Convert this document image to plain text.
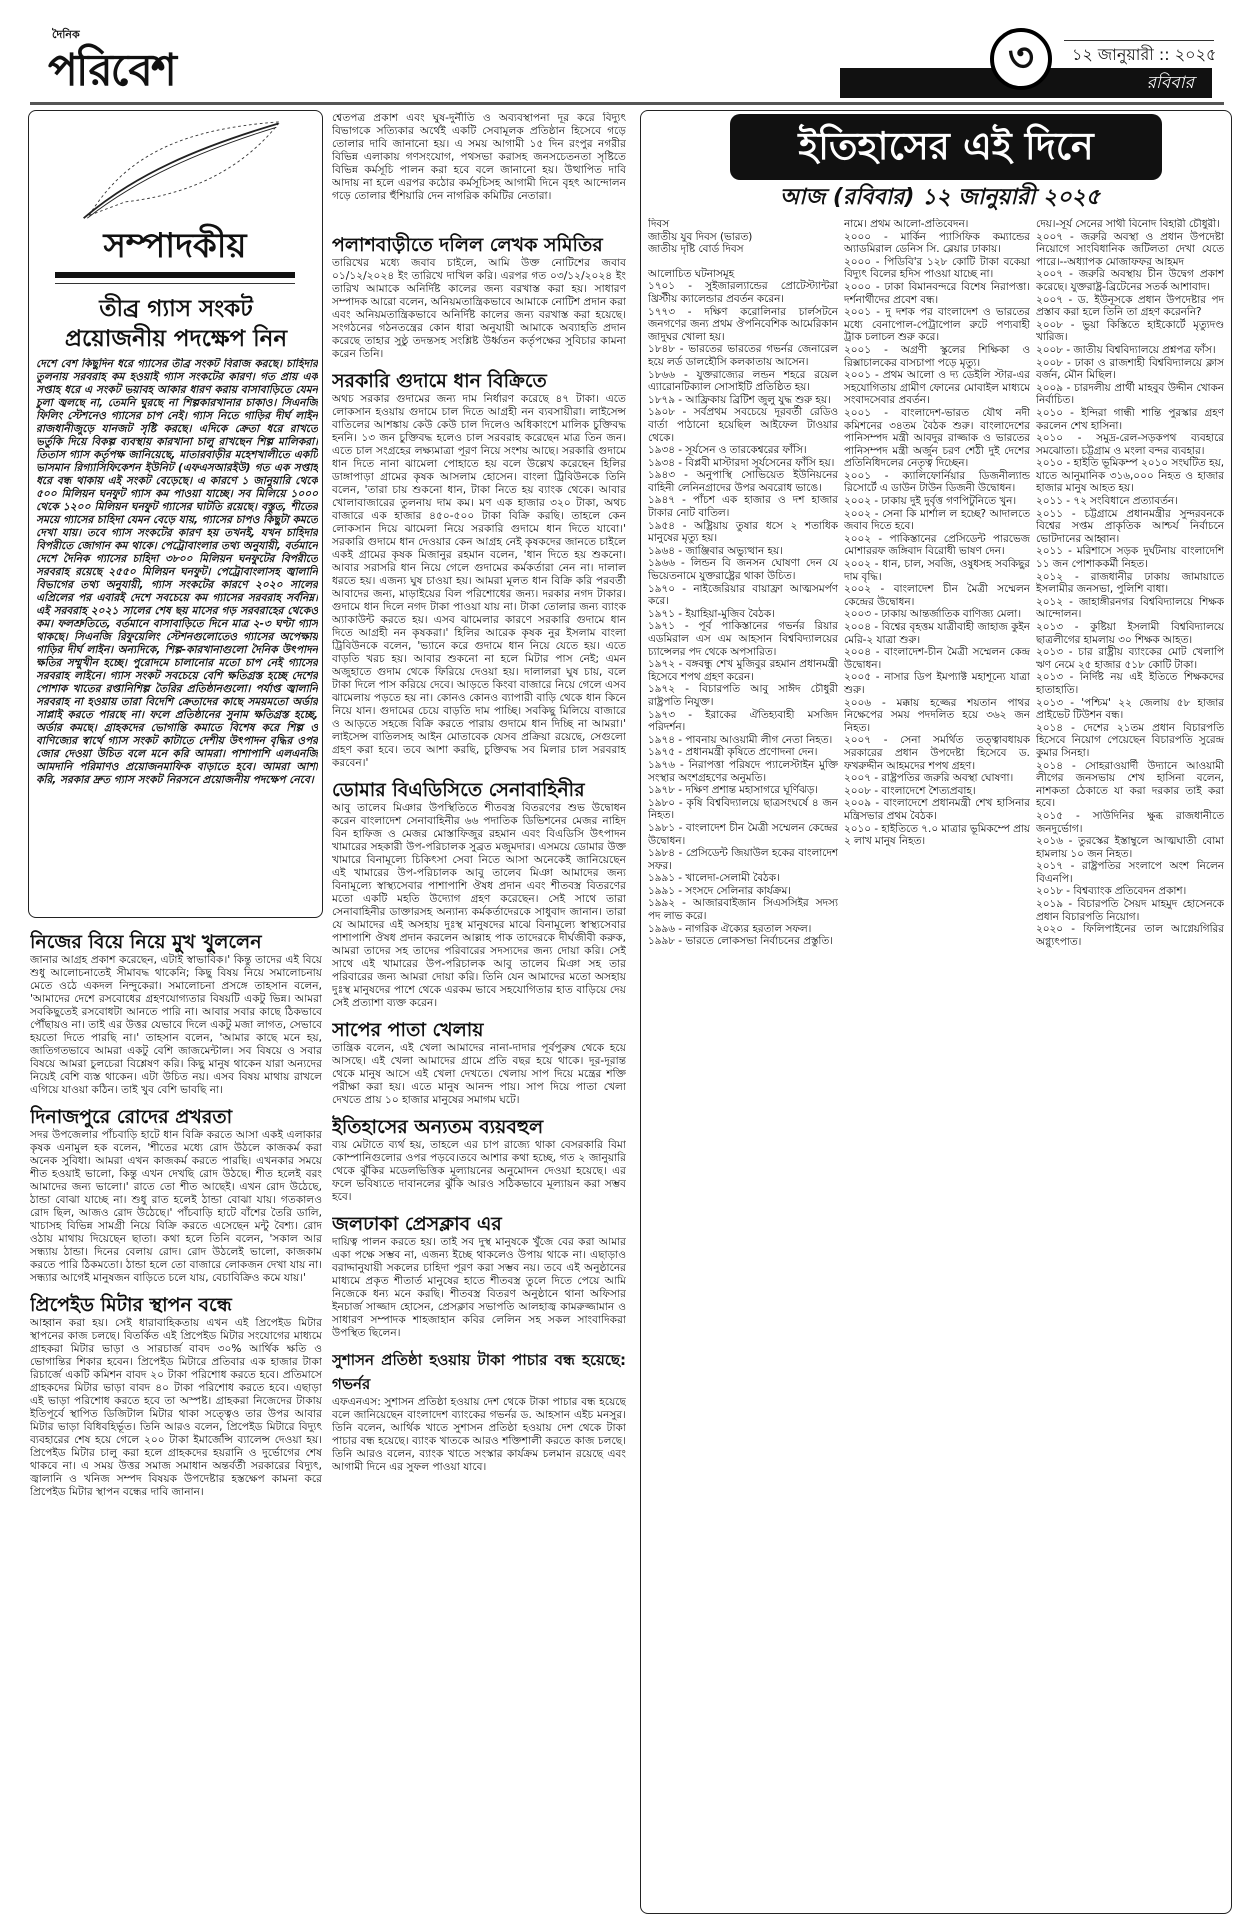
দৈনিক
পরিবেশ	রবিবার
৩	১২ জানুয়ারী :: ২০২৫
সম্পাদকীয়
তীব্র গ্যাস সংকট
প্রয়োজনীয় পদক্ষেপ নিন
দেশে বেশ কিছুদিন ধরে গ্যাসের তীব্র সংকট বিরাজ করছে। চাহিদার তুলনায় সরবরাহ কম হওয়াই গ্যাস সংকটের কারণ। গত প্রায় এক সপ্তাহ ধরে এ সংকট ভয়াবহ আকার ধারণ করায় বাসাবাড়িতে যেমন চুলা জ্বলছে না, তেমনি ঘুরছে না শিল্পকারখানার চাকাও। সিএনজি ফিলিং স্টেশনেও গ্যাসের চাপ নেই। গ্যাস নিতে গাড়ির দীর্ঘ লাইন রাজধানীজুড়ে যানজট সৃষ্টি করছে। এদিকে ক্রেতা ধরে রাখতে ভর্তুকি দিয়ে বিকল্প ব্যবস্থায় কারখানা চালু রাখছেন শিল্প মালিকরা। তিতাস গ্যাস কর্তৃপক্ষ জানিয়েছে, মাতারবাড়ীর মহেশখালীতে একটি ভাসমান রিগ্যাসিফিকেশন ইউনিট (এফএসআরইউ) গত এক সপ্তাহ ধরে বন্ধ থাকায় এই সংকট বেড়েছে। এ কারণে ১ জানুয়ারি থেকে ৫০০ মিলিয়ন ঘনফুট গ্যাস কম পাওয়া যাচ্ছে। সব মিলিয়ে ১০০০ থেকে ১২০০ মিলিয়ন ঘনফুট গ্যাসের ঘাটতি রয়েছে। বস্তুত, শীতের সময়ে গ্যাসের চাহিদা যেমন বেড়ে যায়, গ্যাসের চাপও কিছুটা কমতে দেখা যায়। তবে গ্যাস সংকটের কারণ হয় তখনই, যখন চাহিদার বিপরীতে জোগান কম থাকে। পেট্রোবাংলার তথ্য অনুযায়ী, বর্তমানে দেশে দৈনিক গ্যাসের চাহিদা ৩৮০০ মিলিয়ন ঘনফুটের বিপরীতে সরবরাহ রয়েছে ২৫৫০ মিলিয়ন ঘনফুট। পেট্রোবাংলাসহ জ্বালানি বিভাগের তথ্য অনুযায়ী, গ্যাস সংকটের কারণে ২০২০ সালের এপ্রিলের পর এবারই দেশে সবচেয়ে কম গ্যাসের সরবরাহ সর্বনিম্ন। এই সরবরাহ ২০২১ সালের শেষ ছয় মাসের গড় সরবরাহের থেকেও কম। ফলশ্রুতিতে, বর্তমানে বাসাবাড়িতে দিনে মাত্র ২-৩ ঘণ্টা গ্যাস থাকছে। সিএনজি রিফুয়েলিং স্টেশনগুলোতেও গ্যাসের অপেক্ষায় গাড়ির দীর্ঘ লাইন। অন্যদিকে, শিল্প-কারখানাগুলো দৈনিক উৎপাদন ক্ষতির সম্মুখীন হচ্ছে। পুরোদমে চালানোর মতো চাপ নেই গ্যাসের সরবরাহ লাইনে। গ্যাস সংকট সবচেয়ে বেশি ক্ষতিগ্রস্ত হচ্ছে দেশের পোশাক খাতের রপ্তানিশিল্প তৈরির প্রতিষ্ঠানগুলো। পর্যাপ্ত জ্বালানি সরবরাহ না হওয়ায় তারা বিদেশি ক্রেতাদের কাছে সময়মতো অর্ডার সাপ্লাই করতে পারছে না। ফলে প্রতিষ্ঠানের সুনাম ক্ষতিগ্রস্ত হচ্ছে, অর্ডার কমছে। গ্রাহকদের ভোগান্তি কমাতে বিশেষ করে শিল্প ও বাণিজ্যের স্বার্থে গ্যাস সংকট কাটাতে দেশীয় উৎপাদন বৃদ্ধির ওপর জোর দেওয়া উচিত বলে মনে করি আমরা। পাশাপাশি এলএনজি আমদানি পরিমাণও প্রয়োজনমাফিক বাড়াতে হবে। আমরা আশা করি, সরকার দ্রুত গ্যাস সংকট নিরসনে প্রয়োজনীয় পদক্ষেপ নেবে।
নিজের বিয়ে নিয়ে মুখ খুললেন

জানার আগ্রহ প্রকাশ করেছেন, এটাই স্বাভাবিক।' কিন্তু তাদের এই বিয়ে শুধু আলোচনাতেই সীমাবদ্ধ থাকেনি; কিছু বিষয় নিয়ে সমালোচনায় মেতে ওঠে একদল নিন্দুকেরা। সমালোচনা প্রসঙ্গে তাহসান বলেন, 'আমাদের দেশে রসবোধের গ্রহণযোগ্যতার বিষয়টি একটু ভিন্ন। আমরা সবকিছুতেই রসবোধটা আনতে পারি না। আবার সবার কাছে ঠিকভাবে পৌঁছায়ও না। তাই এর উত্তর যেভাবে দিলে একটু মজা লাগত, সেভাবে হয়তো দিতে পারছি না।' তাহসান বলেন, 'আমার কাছে মনে হয়, জাতিগতভাবে আমরা একটু বেশি জাজমেন্টাল। সব বিষয়ে ও সবার বিষয়ে আমরা চুলচেরা বিশ্লেষণ করি। কিছু মানুষ থাকেন যারা অন্যদের নিয়েই বেশি ব্যস্ত থাকেন। এটা উচিত নয়। এসব বিষয় মাথায় রাখলে এগিয়ে যাওয়া কঠিন। তাই খুব বেশি ভাবছি না।

দিনাজপুরে রোদের প্রখরতা

সদর উপজেলার পাঁচবাড়ি হাটে ধান বিক্রি করতে আসা একই এলাকার কৃষক এনামুল হক বলেন, 'শীতের মধ্যে রোদ উঠলে কাজকর্ম করা অনেক সুবিধা। আমরা এখন কাজকর্ম করতে পারছি। এখনকার সময়ে শীত হওয়াই ভালো, কিন্তু এখন দেখছি রোদ উঠছে। শীত হলেই বরং আমাদের জন্য ভালো।' রাতে তো শীত আছেই। এখন রোদ উঠেছে, ঠান্ডা বোঝা যাচ্ছে না। শুধু রাত হলেই ঠান্ডা বোঝা যায়। গতকালও রোদ ছিল, আজও রোদ উঠেছে।' পাঁচবাড়ি হাটে বাঁশের তৈরি ডালি, খাচাসহ বিভিন্ন সামগ্রী নিয়ে বিক্রি করতে এসেছেন মন্টু বৈশ্য। রোদ ওঠায় মাথায় দিয়েছেন ছাতা। কথা হলে তিনি বলেন, 'সকাল আর সন্ধ্যায় ঠান্ডা। দিনের বেলায় রোদ। রোদ উঠলেই ভালো, কাজকাম করতে পারি ঠিকমতো। ঠান্ডা হলে তো বাজারে লোকজন দেখা যায় না। সন্ধ্যার আগেই মানুষজন বাড়িতে চলে যায়, বেচাবিক্রিও কমে যায়।'

প্রিপেইড মিটার স্থাপন বন্ধে

আহ্বান করা হয়। সেই ধারাবাহিকতায় এখন এই প্রিপেইড মিটার স্থাপনের কাজ চলছে। বিতর্কিত এই প্রিপেইড মিটার সংযোগের মাধ্যমে গ্রাহকরা মিটার ভাড়া ও সারচার্জ বাবদ ৩০% আর্থিক ক্ষতি ও ভোগান্তির শিকার হবেন। প্রিপেইড মিটারে প্রতিবার এক হাজার টাকা রিচার্জে একটি কমিশন বাবদ ২০ টাকা পরিশোধ করতে হবে। প্রতিমাসে গ্রাহকদের মিটার ভাড়া বাবদ ৪০ টাকা পরিশোধ করতে হবে। এছাড়া এই ভাড়া পরিশোধ করতে হবে তা অস্পষ্ট। গ্রাহকরা নিজেদের টাকায় ইতিপূর্বে স্থাপিত ডিজিটাল মিটার থাকা সত্ত্বেও তার উপর আবার মিটার ভাড়া বিধিবহির্ভূত। তিনি আরও বলেন, প্রিপেইড মিটারে বিদ্যুৎ ব্যবহারের শেষ হয়ে গেলে ২০০ টাকা ইমার্জেন্সি ব্যালেন্স দেওয়া হয়। প্রিপেইড মিটার চালু করা হলে গ্রাহকদের হয়রানি ও দুর্ভোগের শেষ থাকবে না। এ সময় উত্তর সমাজ সমাধান অন্তর্বর্তী সরকারের বিদ্যুৎ, জ্বালানি ও খনিজ সম্পদ বিষয়ক উপদেষ্টার হস্তক্ষেপ কামনা করে প্রিপেইড মিটার স্থাপন বন্ধের দাবি জানান।

শ্বেতপত্র প্রকাশ এবং ঘুষ-দুর্নীতি ও অব্যবস্থাপনা দূর করে বিদ্যুৎ বিভাগকে সত্যিকার অর্থেই একটি সেবামূলক প্রতিষ্ঠান হিসেবে গড়ে তোলার দাবি জানানো হয়। এ সময় আগামী ১৫ দিন রংপুর নগরীর বিভিন্ন এলাকায় গণসংযোগ, পথসভা করাসহ জনসচেতনতা সৃষ্টিতে বিভিন্ন কর্মসূচি পালন করা হবে বলে জানানো হয়। উত্থাপিত দাবি আদায় না হলে এরপর কঠোর কর্মসূচিসহ আগামী দিনে বৃহৎ আন্দোলন গড়ে তোলার হুঁশিয়ারি দেন নাগরিক কমিটির নেতারা।

পলাশবাড়ীতে দলিল লেখক সমিতির

তারিখের মধ্যে জবাব চাইলে, আমি উক্ত নোটিশের জবাব ০১/১২/২০২৪ ইং তারিখে দাখিল করি। এরপর গত ০৩/১২/২০২৪ ইং তারিখ আমাকে অনির্দিষ্ট কালের জন্য বরখাস্ত করা হয়। সাধারণ সম্পাদক আরো বলেন, অনিয়মতান্ত্রিকভাবে আমাকে নোটিশ প্রদান করা এবং অনিয়মতান্ত্রিকভাবে অনির্দিষ্ট কালের জন্য বরখাস্ত করা হয়েছে। সংগঠনের গঠনতন্ত্রের কোন ধারা অনুযায়ী আমাকে অব্যাহতি প্রদান করেছে তাহার সুষ্ঠু তদন্তসহ সংশ্লিষ্ট উর্ধ্বতন কর্তৃপক্ষের সুবিচার কামনা করেন তিনি।

সরকারি গুদামে ধান বিক্রিতে

অথচ সরকার গুদামের জন্য দাম নির্ধারণ করেছে ৪৭ টাকা। এতে লোকসান হওয়ায় গুদামে চাল দিতে আগ্রহী নন ব্যবসায়ীরা। লাইসেন্স বাতিলের আশঙ্কায় কেউ কেউ চাল দিলেও অধিকাংশে মালিক চুক্তিবদ্ধ হননি। ১৩ জন চুক্তিবদ্ধ হলেও চাল সরবরাহ করেছেন মাত্র তিন জন। এতে চাল সংগ্রহের লক্ষ্যমাত্রা পূরণ নিয়ে সংশয় আছে। সরকারি গুদামে ধান দিতে নানা ঝামেলা পোহাতে হয় বলে উল্লেখ করেছেন হিলির ডাঙ্গাপাড়া গ্রামের কৃষক আসলাম হোসেন। বাংলা ট্রিবিউনকে তিনি বলেন, 'তারা চায় শুকনো ধান, টাকা নিতে হয় ব্যাংক থেকে। আবার খোলাবাজারের তুলনায় দাম কম। মণ এক হাজার ৩২০ টাকা, অথচ বাজারে এক হাজার ৪৫০-৫০০ টাকা বিক্রি করছি। তাহলে কেন লোকসান দিয়ে ঝামেলা নিয়ে সরকারি গুদামে ধান দিতে যাবো।' সরকারি গুদামে ধান দেওয়ার কেন আগ্রহ নেই কৃষকদের জানতে চাইলে একই গ্রামের কৃষক মিজানুর রহমান বলেন, 'ধান দিতে হয় শুকনো। আবার সরাসরি ধান নিয়ে গেলে গুদামের কর্মকর্তারা নেন না। দালাল ধরতে হয়। এজন্য ঘুষ চাওয়া হয়। আমরা মূলত ধান বিক্রি করি পরবর্তী আবাদের জন্য, মাড়াইয়ের বিল পরিশোধের জন্য। দরকার নগদ টাকার। গুদামে ধান দিলে নগদ টাকা পাওয়া যায় না। টাকা তোলার জন্য ব্যাংক অ্যাকাউন্ট করতে হয়। এসব ঝামেলার কারণে সরকারি গুদামে ধান দিতে আগ্রহী নন কৃষকরা।' হিলির আরেক কৃষক নুর ইসলাম বাংলা ট্রিবিউনকে বলেন, 'ভ্যানে করে গুদামে ধান নিয়ে যেতে হয়। এতে বাড়তি খরচ হয়। আবার শুকনো না হলে মিটার পাস নেই; এমন অজুহাতে গুদাম থেকে ফিরিয়ে দেওয়া হয়। দালালরা ঘুষ চায়, বলে টাকা দিলে পাস করিয়ে দেবে। আড়তে কিংবা বাজারে নিয়ে গেলে এসব ঝামেলায় পড়তে হয় না। কোনও কোনও ব্যাপারী বাড়ি থেকে ধান কিনে নিয়ে যান। গুদামের চেয়ে বাড়তি দাম পাচ্ছি। সবকিছু মিলিয়ে বাজারে ও আড়তে সহজে বিক্রি করতে পারায় গুদামে ধান দিচ্ছি না আমরা।' লাইসেন্স বাতিলসহ আইন মোতাবেক যেসব প্রক্রিয়া রয়েছে, সেগুলো গ্রহণ করা হবে। তবে আশা করছি, চুক্তিবদ্ধ সব মিলার চাল সরবরাহ করবেন।'

ডোমার বিএডিসিতে সেনাবাহিনীর

আবু তালেব মিঞার উপস্থিতিতে শীতবস্ত্র বিতরণের শুভ উদ্বোধন করেন বাংলাদেশ সেনাবাহিনীর ৬৬ পদাতিক ডিভিশনের মেজর নাহিদ বিন হাফিজ ও মেজর মোস্তাফিজুর রহমান এবং বিএডিসি উৎপাদন খামারের সহকারী উপ-পরিচালক সুব্রত মজুমদার। এসময়ে ডোমার উক্ত খামারে বিনামূল্যে চিকিৎসা সেবা নিতে আসা অনেকেই জানিয়েছেন এই খামারের উপ-পরিচালক আবু তালেব মিঞা আমাদের জন্য বিনামূল্যে স্বাস্থ্যসেবার পাশাপাশি ঔষধ প্রদান এবং শীতবস্ত্র বিতরণের মতো একটি মহতি উদ্যোগ গ্রহণ করেছেন। সেই সাথে তারা সেনাবাহিনীর ডাক্তারসহ অন্যান্য কর্মকর্তাদেরকে সাধুবাদ জানান। তারা যে আমাদের এই অসহায় দুঃস্থ মানুষদের মাঝে বিনামূল্যে স্বাস্থ্যসেবার পাশাপাশি ঔষধ প্রদান করলেন আল্লাহ পাক তাদেরকে দীর্ঘজীবী করুক, আমরা তাদের সহ তাদের পরিবারের সদস্যদের জন্য দোয়া করি। সেই সাথে এই খামারের উপ-পরিচালক আবু তালেব মিঞা সহ তার পরিবারের জন্য আমরা দোয়া করি। তিনি যেন আমাদের মতো অসহায় দুঃস্থ মানুষদের পাশে থেকে এরকম ভাবে সহযোগিতার হাত বাড়িয়ে দেয় সেই প্রত্যাশা ব্যক্ত করেন।

সাপের পাতা খেলায়

তান্ত্রিক বলেন, এই খেলা আমাদের নানা-দাদার পূর্বপুরুষ থেকে হয়ে আসছে। এই খেলা আমাদের গ্রামে প্রতি বছর হয়ে থাকে। দূর-দূরান্ত থেকে মানুষ আসে এই খেলা দেখতে। খেলায় সাপ দিয়ে মন্ত্রের শক্তি পরীক্ষা করা হয়। এতে মানুষ আনন্দ পায়। সাপ দিয়ে পাতা খেলা দেখতে প্রায় ১০ হাজার মানুষের সমাগম ঘটে।

ইতিহাসের অন্যতম ব্যয়বহুল

ব্যয় মেটাতে ব্যর্থ হয়, তাহলে এর চাপ রাজ্যে থাকা বেসরকারি বিমা কোম্পানিগুলোর ওপর পড়বে।তবে আশার কথা হচ্ছে, গত ২ জানুয়ারি থেকে ঝুঁকির মডেলভিত্তিক মূল্যায়নের অনুমোদন দেওয়া হয়েছে। এর ফলে ভবিষ্যতে দাবানলের ঝুঁকি আরও সঠিকভাবে মূল্যায়ন করা সম্ভব হবে।

জলঢাকা প্রেসক্লাব এর

দায়িত্ব পালন করতে হয়। তাই সব দুস্থ মানুষকে খুঁজে বের করা আমার একা পক্ষে সম্ভব না, এজন্য ইচ্ছে থাকলেও উপায় থাকে না। এছাড়াও বরাদ্দানুযায়ী সকলের চাহিদা পূরণ করা সম্ভব নয়। তবে এই অনুষ্ঠানের মাধ্যমে প্রকৃত শীতার্ত মানুষের হাতে শীতবস্ত্র তুলে দিতে পেয়ে আমি নিজেকে ধন্য মনে করছি। শীতবস্ত্র বিতরণ অনুষ্ঠানে থানা অফিসার ইনচার্জ সাজ্জাদ হোসেন, প্রেসক্লাব সভাপতি আলহাজ্ব কামরুজ্জামান ও সাধারণ সম্পাদক শাহজাহান কবির লেলিন সহ সকল সাংবাদিকরা উপস্থিত ছিলেন।

সুশাসন প্রতিষ্ঠা হওয়ায় টাকা পাচার বন্ধ হয়েছে: গভর্নর

এফএনএস: সুশাসন প্রতিষ্ঠা হওয়ায় দেশ থেকে টাকা পাচার বন্ধ হয়েছে বলে জানিয়েছেন বাংলাদেশ ব্যাংকের গভর্নর ড. আহসান এইচ মনসুর। তিনি বলেন, আর্থিক খাতে সুশাসন প্রতিষ্ঠা হওয়ায় দেশ থেকে টাকা পাচার বন্ধ হয়েছে। ব্যাংক খাতকে আরও শক্তিশালী করতে কাজ চলছে। তিনি আরও বলেন, ব্যাংক খাতে সংস্কার কার্যক্রম চলমান রয়েছে এবং আগামী দিনে এর সুফল পাওয়া যাবে।

ইতিহাসের এই দিনে
আজ (রবিবার) ১২ জানুয়ারী ২০২৫
দিবস
জাতীয় যুব দিবস (ভারত)
জাতীয় দৃষ্টি বোর্ড দিবস
আলোচিত ঘটনাসমূহ
১৭০১ - সুইজারল্যান্ডের প্রোটেস্ট্যান্টরা খ্রিস্টীয় ক্যালেন্ডার প্রবর্তন করেন।
১৭৭৩ - দক্ষিণ করোলিনার চার্লসটনে জনগণের জন্য প্রথম ঔপনিবেশিক আমেরিকান জাদুঘর খোলা হয়।
১৮৪৮ - ভারতের ভারতের গভর্নর জেনারেল হয়ে লর্ড ডালহৌসি কলকাতায় আসেন।
১৮৬৬ - যুক্তরাজ্যের লন্ডন শহরে রয়েল এ্যারোনটিক্যাল সোসাইটি প্রতিষ্ঠিত হয়।
১৮৭৯ - আফ্রিকায় ব্রিটিশ জুলু যুদ্ধ শুরু হয়।
১৯০৮ - সর্বপ্রথম সবচেয়ে দূরবর্তী রেডিও বার্তা পাঠানো হয়েছিল আইফেল টাওয়ার থেকে।
১৯৩৪ - সূর্যসেন ও তারকেশ্বরের ফাঁসি।
১৯৩৪ - বিপ্লবী মাস্টারদা সূর্যসেনের ফাঁসি হয়।
১৯৪৩ - অনুপাস্থি সোভিয়েত ইউনিয়নের বাহিনী লেনিনগ্রাদের উপর অবরোধ ভাঙে।
১৯৪৭ - পাঁচশ এক হাজার ও দশ হাজার টাকার নোট বাতিল।
১৯৫৪ - অষ্ট্রিয়ায় তুষার ধসে ২ শতাধিক মানুষের মৃত্যু হয়।
১৯৬৪ - জাঞ্জিবার অভ্যুত্থান হয়।
১৯৬৬ - লিন্ডন বি জনসন ঘোষণা দেন যে ভিয়েতনামে যুক্তরাষ্ট্রের থাকা উচিত।
১৯৭০ - নাইজেরিয়ার বায়াফ্রা আত্মসমর্পণ করে।
১৯৭১ - ইয়াহিয়া-মুজিব বৈঠক।
১৯৭১ - পূর্ব পাকিস্তানের গভর্নর রিয়ার এডমিরাল এস এম আহসান বিশ্ববিদ্যালয়ের চ্যান্সেলর পদ থেকে অপসারিত।
১৯৭২ - বঙ্গবন্ধু শেখ মুজিবুর রহমান প্রধানমন্ত্রী হিসেবে শপথ গ্রহণ করেন।
১৯৭২ - বিচারপতি আবু সাঈদ চৌধুরী রাষ্ট্রপতি নিযুক্ত।
১৯৭৩ - ইরাকের ঐতিহ্যবাহী মসজিদ পরিদর্শন।
১৯৭৪ - পাবনায় আওয়ামী লীগ নেতা নিহত।
১৯৭৫ - প্রধানমন্ত্রী কৃষিতে প্রণোদনা দেন।
১৯৭৬ - নিরাপত্তা পরিষদে প্যালেস্টাইন মুক্তি সংস্থার অংশগ্রহণের অনুমতি।
১৯৭৮ - দক্ষিণ প্রশান্ত মহাসাগরে ঘূর্ণিঝড়।
১৯৮০ - কৃষি বিশ্ববিদ্যালয়ে ছাত্রসংঘর্ষে ৪ জন নিহত।
১৯৮১ - বাংলাদেশ চীন মৈত্রী সম্মেলন কেন্দ্রের উদ্বোধন।
১৯৮৪ - প্রেসিডেন্ট জিয়াউল হকের বাংলাদেশ সফর।
১৯৯১ - খালেদা-সেলামী বৈঠক।
১৯৯১ - সংসদে সেলিনার কার্যক্রম।
১৯৯২ - আজারবাইজান সিএসসিইর সদস্য পদ লাভ করে।
১৯৯৬ - নাগরিক ঐক্যের হরতাল সফল।
১৯৯৮ - ভারতে লোকসভা নির্বাচনের প্রস্তুতি।
নামে। প্রথম আলো-প্রতিবেদন।
২০০০ - মার্কিন প্যাসিফিক কম্যান্ডের অ্যাডমিরাল ডেনিস সি. ব্লেয়ার ঢাকায়।
২০০০ - পিডিবি'র ১২৮ কোটি টাকা বকেয়া বিদ্যুৎ বিলের হদিস পাওয়া যাচ্ছে না।
২০০০ - ঢাকা বিমানবন্দরে বিশেষ নিরাপত্তা। দর্শনার্থীদের প্রবেশ বন্ধ।
২০০১ - দু দশক পর বাংলাদেশ ও ভারতের মধ্যে বেনাপোল-পেট্রাপোল রুটে পণ্যবাহী ট্রাক চলাচল শুরু করে।
২০০১ - অগ্রণী স্কুলের শিক্ষিকা ও রিক্সাচালকের বাসচাপা পড়ে মৃত্যু।
২০০১ - প্রথম আলো ও দ্য ডেইলি স্টার-এর সহযোগিতায় গ্রামীণ ফোনের মোবাইল মাধ্যমে সংবাদসেবার প্রবর্তন।
২০০১ - বাংলাদেশ-ভারত যৌথ নদী কমিশনের ৩৪তম বৈঠক শুরু। বাংলাদেশের পানিসম্পদ মন্ত্রী আবদুর রাজ্জাক ও ভারতের পানিসম্পদ মন্ত্রী অর্জুন চরণ শেঠী দুই দেশের প্রতিনিধিদলের নেতৃত্ব দিচ্ছেন।
২০০১ - ক্যালিফোর্নিয়ার ডিজনীল্যান্ড রিসোর্টে এ ডাউন টাউন ডিজনী উদ্বোধন।
২০০২ - ঢাকায় দুই দুর্বৃত্ত গণপিটুনিতে খুন।
২০০২ - সেনা কি মার্শাল ল হচ্ছে? আদালতে জবাব দিতে হবে।
২০০২ - পাকিস্তানের প্রেসিডেন্ট পারভেজ মোশাররফ জঙ্গিবাদ বিরোধী ভাষণ দেন।
২০০২ - ধান, চাল, সবজি, ওষুধসহ সবকিছুর দাম বৃদ্ধি।
২০০২ - বাংলাদেশ চীন মৈত্রী সম্মেলন কেন্দ্রের উদ্বোধন।
২০০৩ - ঢাকায় আন্তর্জাতিক বাণিজ্য মেলা।
২০০৪ - বিশ্বের বৃহত্তম যাত্রীবাহী জাহাজ কুইন মেরি-২ যাত্রা শুরু।
২০০৪ - বাংলাদেশ-চীন মৈত্রী সম্মেলন কেন্দ্র উদ্বোধন।
২০০৫ - নাসার ডিপ ইমপ্যাক্ট মহাশূন্যে যাত্রা শুরু।
২০০৬ - মক্কায় হজ্জের শয়তান পাথর নিক্ষেপের সময় পদদলিত হয়ে ৩৬২ জন নিহত।
২০০৭ - সেনা সমর্থিত তত্ত্বাবধায়ক সরকারের প্রধান উপদেষ্টা হিসেবে ড. ফখরুদ্দীন আহমদের শপথ গ্রহণ।
২০০৭ - রাষ্ট্রপতির জরুরি অবস্থা ঘোষণা।
২০০৮ - বাংলাদেশে শৈত্যপ্রবাহ।
২০০৯ - বাংলাদেশে প্রধানমন্ত্রী শেখ হাসিনার মন্ত্রিসভার প্রথম বৈঠক।
২০১০ - হাইতিতে ৭.০ মাত্রার ভূমিকম্পে প্রায় ২ লাখ মানুষ নিহত।
দেয়।-সূর্য সেনের সাথী বিনোদ বিহারী চৌধুরী।
২০০৭ - জরুরি অবস্থা ও প্রধান উপদেষ্টা নিয়োগে সাংবিধানিক জটিলতা দেখা যেতে পারে।--অধ্যাপক মোজাফফর আহমদ
২০০৭ - জরুরি অবস্থায় চীন উদ্বেগ প্রকাশ করেছে। যুক্তরাষ্ট্র-ব্রিটেনের সতর্ক আশাবাদ।
২০০৭ - ড. ইউনূসকে প্রধান উপদেষ্টার পদ প্রস্তাব করা হলে তিনি তা গ্রহণ করেননি?
২০০৮ - ভুয়া কিস্তিতে হাইকোর্টে মৃত্যুদণ্ড খারিজ।
২০০৮ - জাতীয় বিশ্ববিদ্যালয়ে প্রশ্নপত্র ফাঁস।
২০০৮ - ঢাকা ও রাজশাহী বিশ্ববিদ্যালয়ে ক্লাস বর্জন, মৌন মিছিল।
২০০৯ - চারদলীয় প্রার্থী মাহবুব উদ্দীন খোকন নির্বাচিত।
২০১০ - ইন্দিরা গান্ধী শান্তি পুরস্কার গ্রহণ করলেন শেখ হাসিনা।
২০১০ - সমুদ্র-রেল-সড়কপথ ব্যবহারে সমঝোতা। চট্টগ্রাম ও মংলা বন্দর ব্যবহার।
২০১০ - হাইতি ভূমিকম্প ২০১০ সংঘটিত হয়, যাতে আনুমানিক ৩১৬,০০০ নিহত ও হাজার হাজার মানুষ আহত হয়।
২০১১ - ৭২ সংবিধানে প্রত্যাবর্তন।
২০১১ - চট্টগ্রামে প্রধানমন্ত্রীর সুন্দরবনকে বিশ্বের সপ্তম প্রাকৃতিক আশ্চর্য নির্বাচনে ভোটদানের আহ্বান।
২০১১ - মরিশাসে সড়ক দুর্ঘটনায় বাংলাদেশি ১১ জন পোশাককর্মী নিহত।
২০১২ - রাজধানীর ঢাকায় জামায়াতে ইসলামীর জনসভা, পুলিশি বাধা।
২০১২ - জাহাঙ্গীরনগর বিশ্ববিদ্যালয়ে শিক্ষক আন্দোলন।
২০১৩ - কুষ্টিয়া ইসলামী বিশ্ববিদ্যালয়ে ছাত্রলীগের হামলায় ৩০ শিক্ষক আহত।
২০১৩ - চার রাষ্ট্রীয় ব্যাংকের মোট খেলাপি ঋণ নেমে ২৫ হাজার ৫১৮ কোটি টাকা।
২০১৩ - নির্দিষ্ট নয় এই ইতিতে শিক্ষকদের হাতাহাতি।
২০১৩ - 'পশ্চিম' ২২ জেলায় ৫৮ হাজার প্রাইভেট টিউশন বন্ধ।
২০১৪ - দেশের ২১তম প্রধান বিচারপতি হিসেবে নিয়োগ পেয়েছেন বিচারপতি সুরেন্দ্র কুমার সিনহা।
২০১৪ - সোহরাওয়ার্দী উদ্যানে আওয়ামী লীগের জনসভায় শেখ হাসিনা বলেন, নাশকতা ঠেকাতে যা করা দরকার তাই করা হবে।
২০১৫ - সাউদিনির ক্ষুব্ধ রাজধানীতে জনদুর্ভোগ।
২০১৬ - তুরস্কের ইস্তাম্বুলে আত্মঘাতী বোমা হামলায় ১০ জন নিহত।
২০১৭ - রাষ্ট্রপতির সংলাপে অংশ নিলেন বিএনপি।
২০১৮ - বিশ্বব্যাংক প্রতিবেদন প্রকাশ।
২০১৯ - বিচারপতি সৈয়দ মাহমুদ হোসেনকে প্রধান বিচারপতি নিয়োগ।
২০২০ - ফিলিপাইনের তাল আগ্নেয়গিরির অগ্ন্যুৎপাত।
